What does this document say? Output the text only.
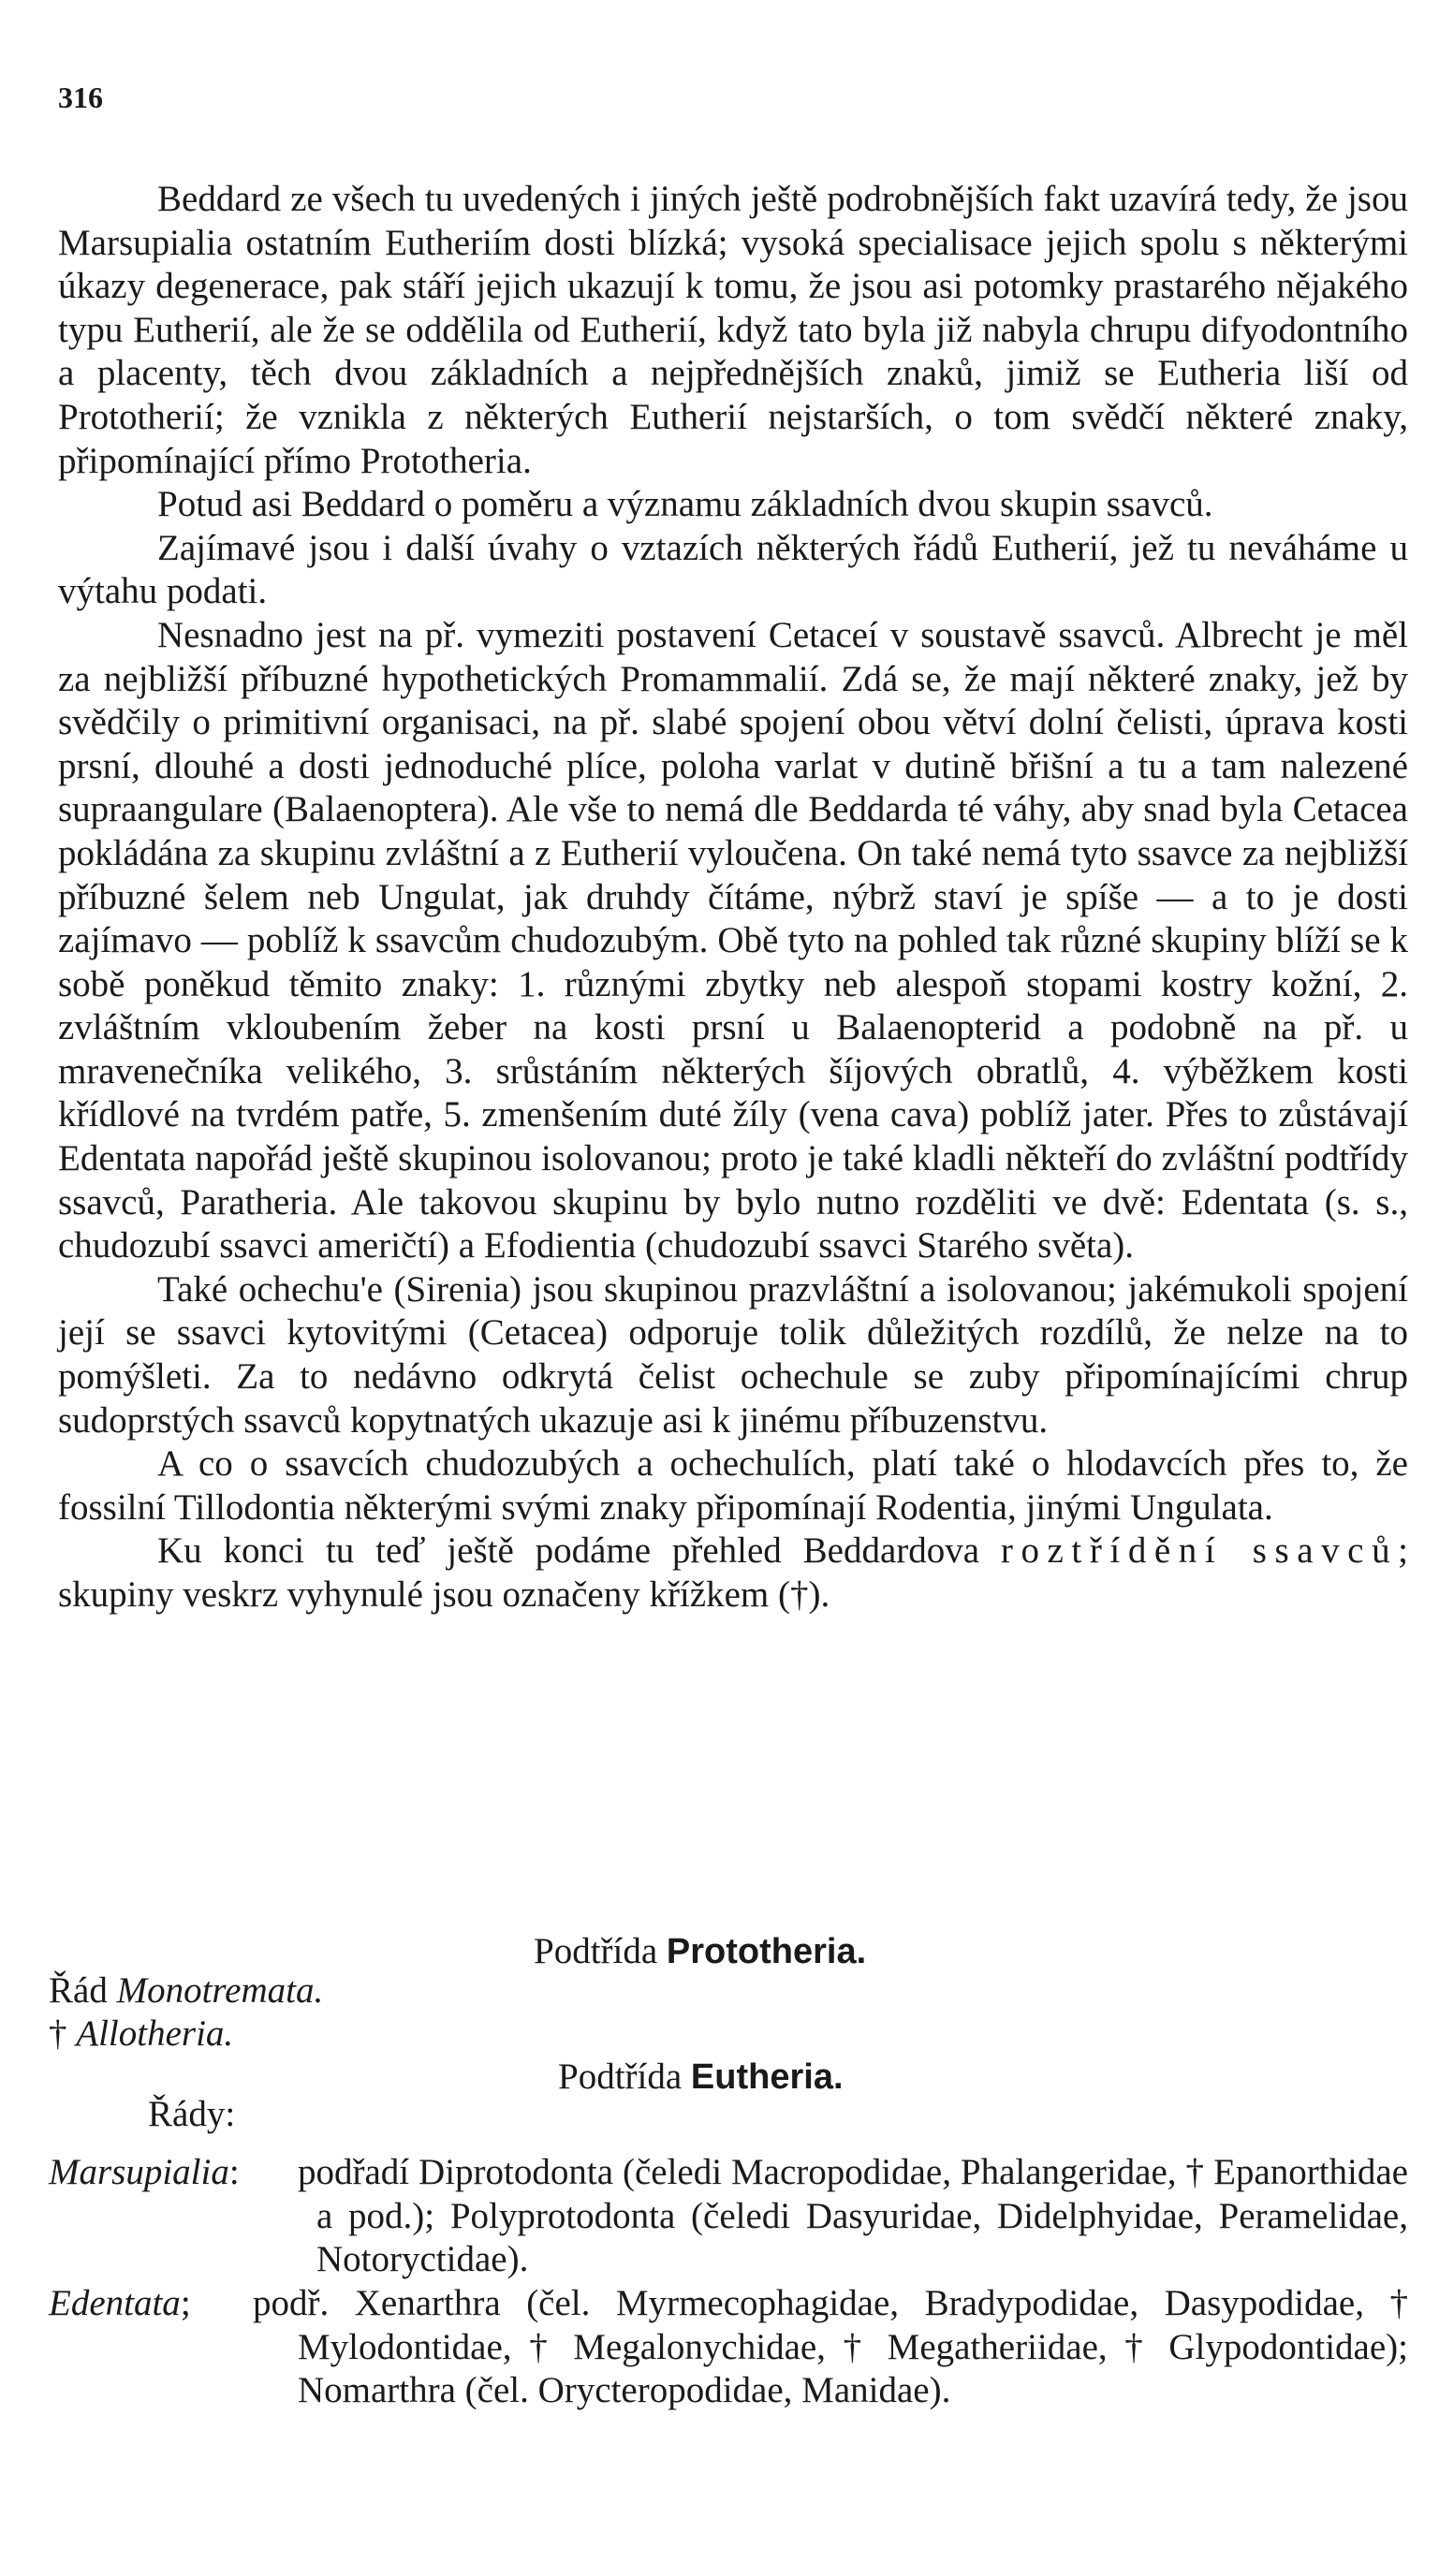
316

Beddard ze všech tu uvedených i jiných ještě podrobnějších fakt uzavírá tedy, že jsou Marsupialia ostatním Eutheriím dosti blízká; vysoká specialisace jejich spolu s některými úkazy degenerace, pak stáří jejich ukazují k tomu, že jsou asi potomky prastarého nějakého typu Eutherií, ale že se oddělila od Eutherií, když tato byla již nabyla chrupu difyodontního a placenty, těch dvou základních a nejpřednějších znaků, jimiž se Eutheria liší od Prototherií; že vznikla z některých Eutherií nejstarších, o tom svědčí některé znaky, připomínající přímo Prototheria.

Potud asi Beddard o poměru a významu základních dvou skupin ssavců.

Zajímavé jsou i další úvahy o vztazích některých řádů Eutherií, jež tu neváháme u výtahu podati.

Nesnadno jest na př. vymeziti postavení Cetaceí v soustavě ssavců. Albrecht je měl za nejbližší příbuzné hypothetických Promammalií. Zdá se, že mají některé znaky, jež by svědčily o primitivní organisaci, na př. slabé spojení obou větví dolní čelisti, úprava kosti prsní, dlouhé a dosti jednoduché plíce, poloha varlat v dutině břišní a tu a tam nalezené supraangulare (Balaenoptera). Ale vše to nemá dle Beddarda té váhy, aby snad byla Cetacea pokládána za skupinu zvláštní a z Eutherií vyloučena. On také nemá tyto ssavce za nejbližší příbuzné šelem neb Ungulat, jak druhdy čítáme, nýbrž staví je spíše — a to je dosti zajímavo — poblíž k ssavcům chudozubým. Obě tyto na pohled tak různé skupiny blíží se k sobě poněkud těmito znaky: 1. různými zbytky neb alespoň stopami kostry kožní, 2. zvláštním vkloubením žeber na kosti prsní u Balaenopterid a podobně na př. u mravenečníka velikého, 3. srůstáním některých šíjových obratlů, 4. výběžkem kosti křídlové na tvrdém patře, 5. zmenšením duté žíly (vena cava) poblíž jater. Přes to zůstávají Edentata napořád ještě skupinou isolovanou; proto je také kladli někteří do zvláštní podtřídy ssavců, Paratheria. Ale takovou skupinu by bylo nutno rozděliti ve dvě: Edentata (s. s., chudozubí ssavci američtí) a Efodientia (chudozubí ssavci Starého světa).

Také ochechu'e (Sirenia) jsou skupinou prazvláštní a isolovanou; jakémukoli spojení její se ssavci kytovitými (Cetacea) odporuje tolik důležitých rozdílů, že nelze na to pomýšleti. Za to nedávno odkrytá čelist ochechule se zuby připomínajícími chrup sudoprstých ssavců kopytnatých ukazuje asi k jinému příbuzenstvu.

A co o ssavcích chudozubých a ochechulích, platí také o hlodavcích přes to, že fossilní Tillodontia některými svými znaky připomínají Rodentia, jinými Ungulata.

Ku konci tu teď ještě podáme přehled Beddardova roztřídění ssavců; skupiny veskrz vyhynulé jsou označeny křížkem (†).

Podtřída Prototheria.
Řád Monotremata.
† Allotheria.
Podtřída Eutheria.
Řády:
Marsupialia: podřadí Diprotodonta (čeledi Macropodidae, Phalangeridae, † Epanorthidae a pod.); Polyprotodonta (čeledi Dasyuridae, Didelphyidae, Peramelidae, Notoryctidae).
Edentata; podř. Xenarthra (čel. Myrmecophagidae, Bradypodidae, Dasypodidae, † Mylodontidae, † Megalonychidae, † Megatheriidae, † Glypodontidae); Nomarthra (čel. Orycteropodidae, Manidae).
